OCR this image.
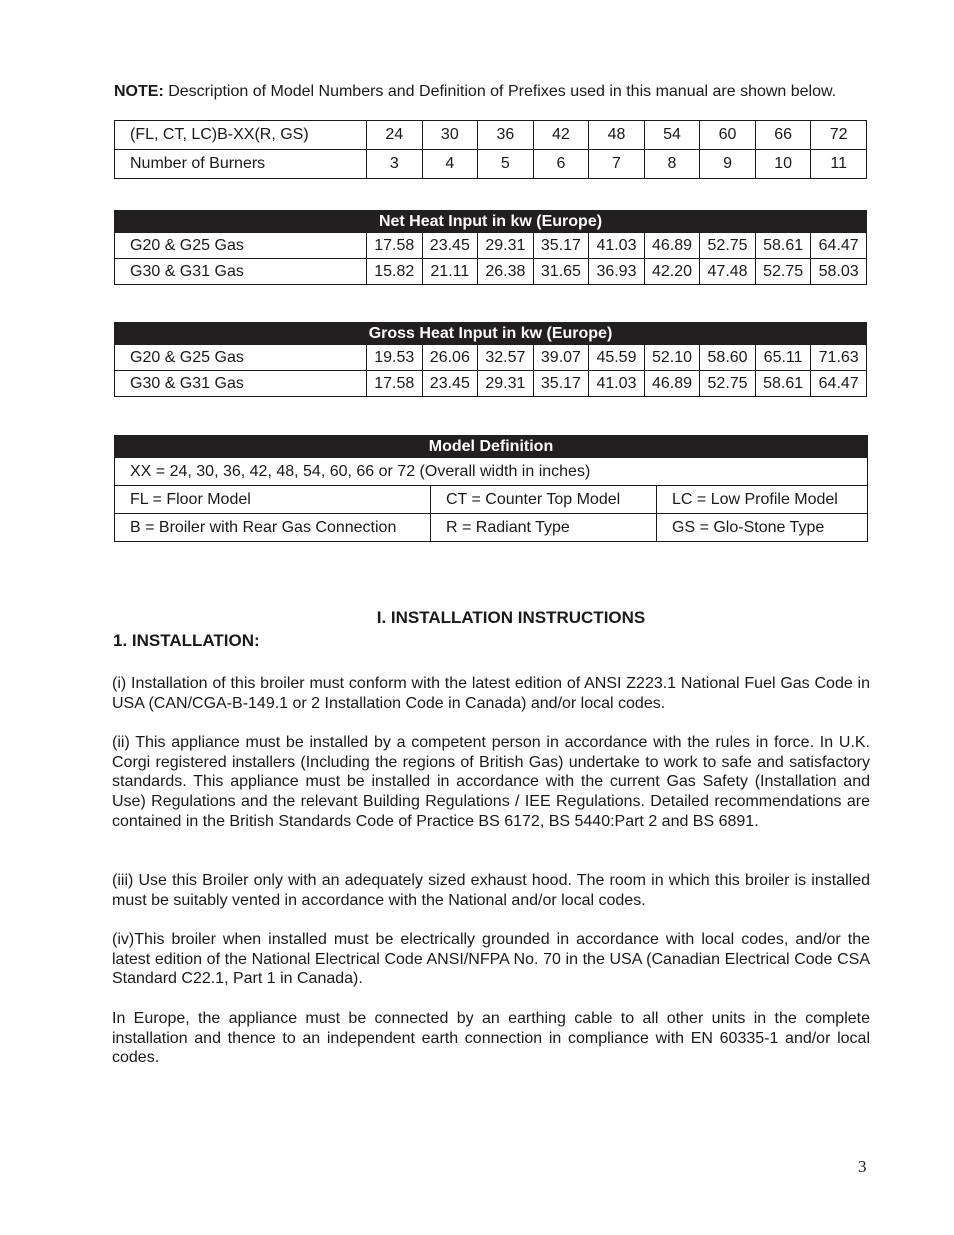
NOTE: Description of Model Numbers and Definition of Prefixes used in this manual are shown below.
(FL, CT, LC)B-XX(R, GS)	24	30	36	42	48	54	60	66	72
Number of Burners	3	4	5	6	7	8	9	10	11
Net Heat Input in kw (Europe)									
G20 & G25 Gas	17.58	23.45	29.31	35.17	41.03	46.89	52.75	58.61	64.47
G30 & G31 Gas	15.82	21.11	26.38	31.65	36.93	42.20	47.48	52.75	58.03
Gross Heat Input in kw (Europe)									
G20 & G25 Gas	19.53	26.06	32.57	39.07	45.59	52.10	58.60	65.11	71.63
G30 & G31 Gas	17.58	23.45	29.31	35.17	41.03	46.89	52.75	58.61	64.47
Model Definition		
XX = 24, 30, 36, 42, 48, 54, 60, 66 or 72 (Overall width in inches)		
FL = Floor Model	CT = Counter Top Model	LC = Low Profile Model
B = Broiler with Rear Gas Connection	R = Radiant Type	GS = Glo-Stone Type
I. INSTALLATION INSTRUCTIONS
1. INSTALLATION:
(i) Installation of this broiler must conform with the latest edition of ANSI Z223.1 National Fuel Gas Code in USA (CAN/CGA-B-149.1 or 2 Installation Code in Canada) and/or local codes.
(ii) This appliance must be installed by a competent person in accordance with the rules in force. In U.K. Corgi registered installers (Including the regions of British Gas) undertake to work to safe and satisfactory standards. This appliance must be installed in accordance with the current Gas Safety (Installation and Use) Regulations and the relevant Building Regulations / IEE Regulations. Detailed recommendations are contained in the British Standards Code of Practice BS 6172, BS 5440:Part 2 and BS 6891.
(iii) Use this Broiler only with an adequately sized exhaust hood. The room in which this broiler is installed must be suitably vented in accordance with the National and/or local codes.
(iv)This broiler when installed must be electrically grounded in accordance with local codes, and/or the latest edition of the National Electrical Code ANSI/NFPA No. 70 in the USA (Canadian Electrical Code CSA Standard C22.1, Part 1 in Canada).
In Europe, the appliance must be connected by an earthing cable to all other units in the complete installation and thence to an independent earth connection in compliance with EN 60335-1 and/or local codes.
3
